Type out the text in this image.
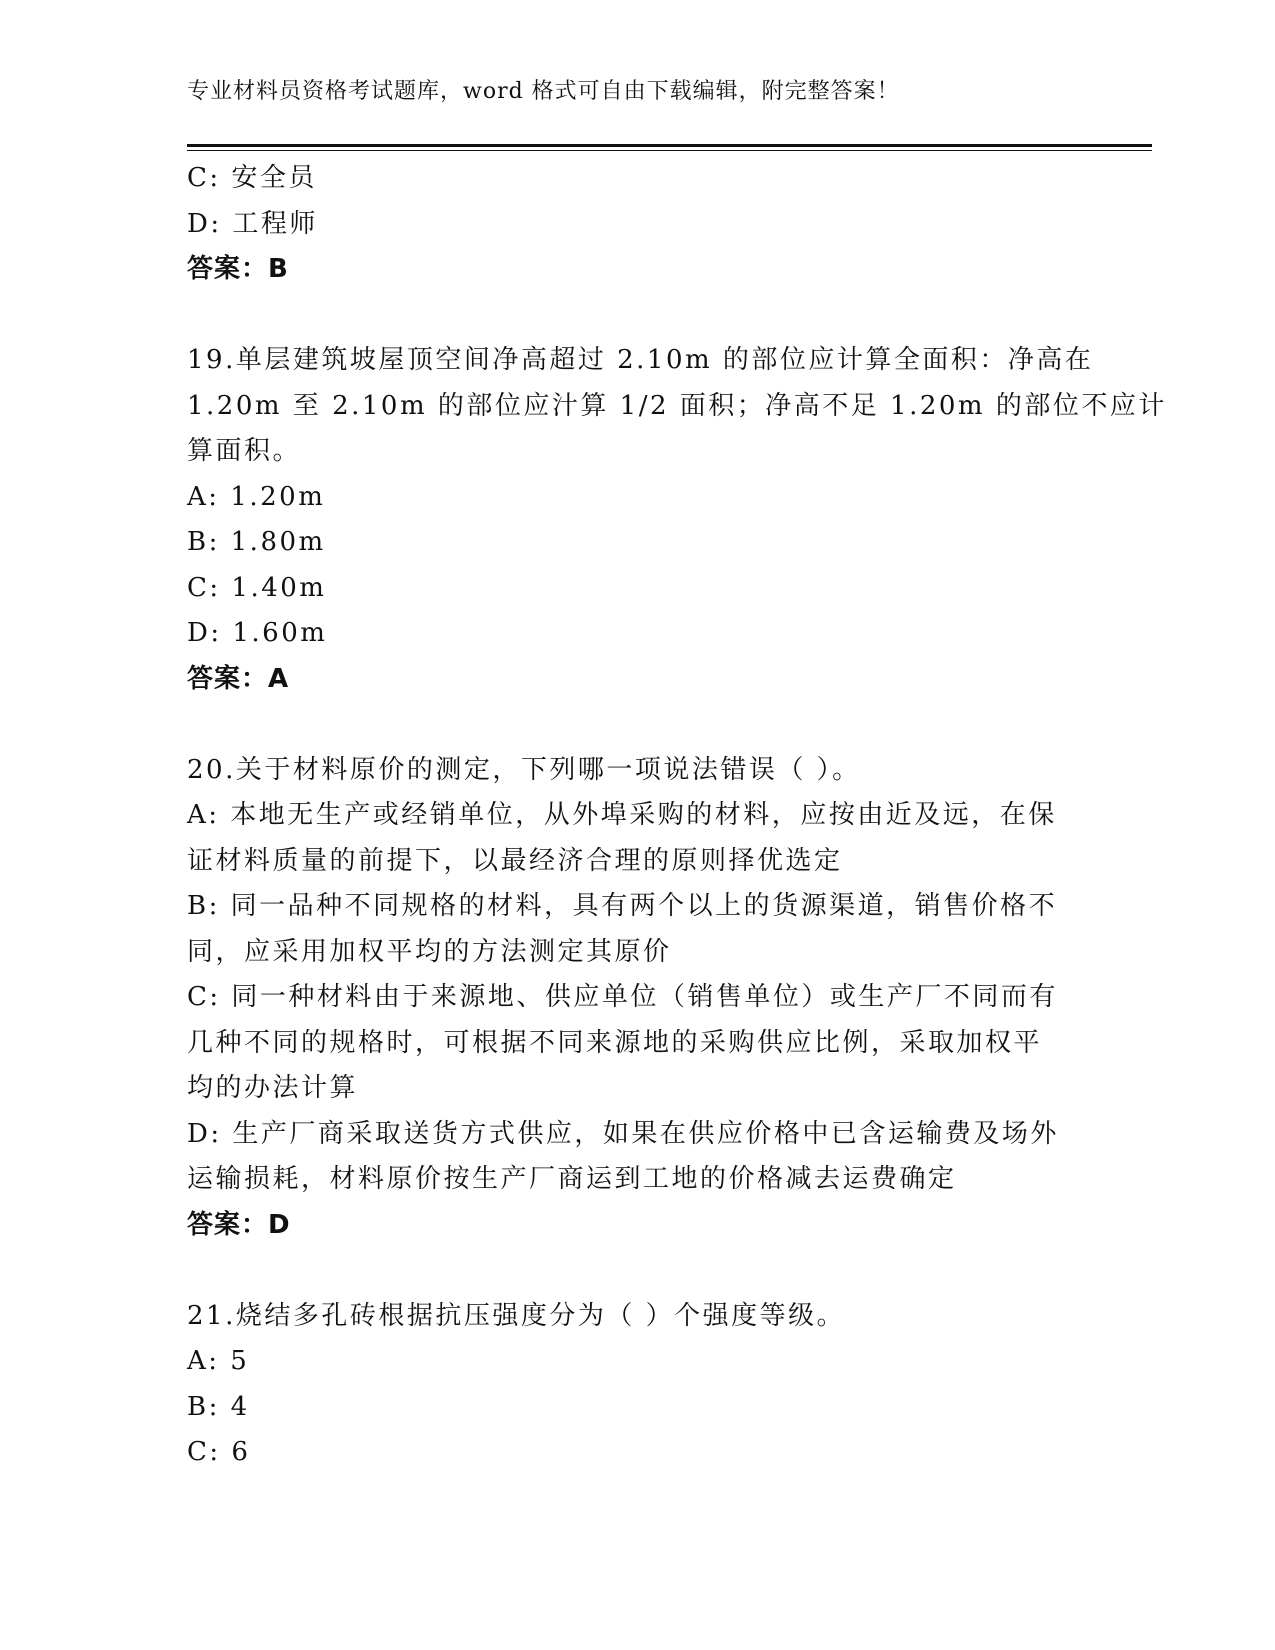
专业材料员资格考试题库，word 格式可自由下载编辑，附完整答案！
C: 安全员
D: 工程师
答案：B
19.单层建筑坡屋顶空间净高超过 2.10m 的部位应计算全面积：净高在
1.20m 至 2.10m 的部位应汁算 1/2 面积；净高不足 1.20m 的部位不应计
算面积。
A: 1.20m
B: 1.80m
C: 1.40m
D: 1.60m
答案：A
20.关于材料原价的测定，下列哪一项说法错误（ ）。
A: 本地无生产或经销单位，从外埠采购的材料，应按由近及远，在保
证材料质量的前提下，以最经济合理的原则择优选定
B: 同一品种不同规格的材料，具有两个以上的货源渠道，销售价格不
同，应采用加权平均的方法测定其原价
C: 同一种材料由于来源地、供应单位（销售单位）或生产厂不同而有
几种不同的规格时，可根据不同来源地的采购供应比例，采取加权平
均的办法计算
D: 生产厂商采取送货方式供应，如果在供应价格中已含运输费及场外
运输损耗，材料原价按生产厂商运到工地的价格减去运费确定
答案：D
21.烧结多孔砖根据抗压强度分为（ ）个强度等级。
A: 5
B: 4
C: 6
